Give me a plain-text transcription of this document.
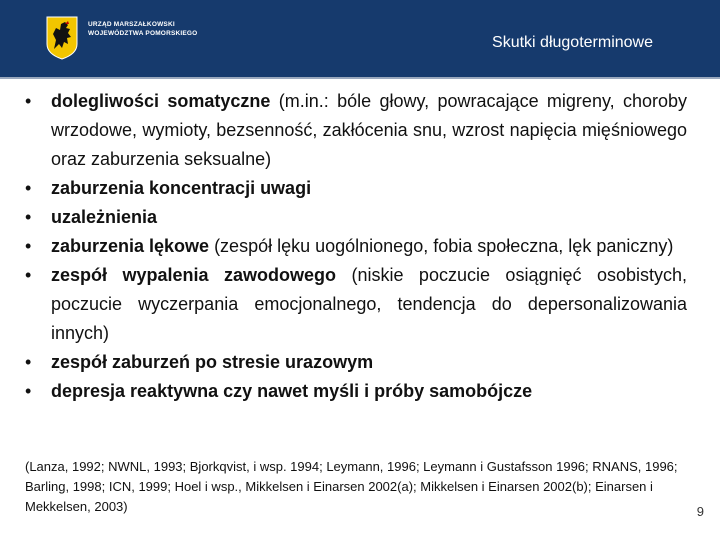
URZĄD MARSZAŁKOWSKI
WOJEWÓDZTWA POMORSKIEGO
Skutki długoterminowe
• dolegliwości somatyczne (m.in.: bóle głowy, powracające migreny, choroby wrzodowe, wymioty, bezsenność, zakłócenia snu, wzrost napięcia mięśniowego oraz zaburzenia seksualne)
• zaburzenia koncentracji uwagi
• uzależnienia
• zaburzenia lękowe (zespół lęku uogólnionego, fobia społeczna, lęk paniczny)
• zespół wypalenia zawodowego (niskie poczucie osiągnięć osobistych, poczucie wyczerpania emocjonalnego, tendencja do depersonalizowania innych)
• zespół zaburzeń po stresie urazowym
• depresja reaktywna czy nawet myśli i próby samobójcze
(Lanza, 1992; NWNL, 1993; Bjorkqvist, i wsp. 1994; Leymann, 1996; Leymann i Gustafsson 1996; RNANS, 1996; Barling, 1998; ICN, 1999; Hoel i wsp., Mikkelsen i Einarsen 2002(a); Mikkelsen i Einarsen 2002(b); Einarsen i Mekkelsen, 2003)	9
